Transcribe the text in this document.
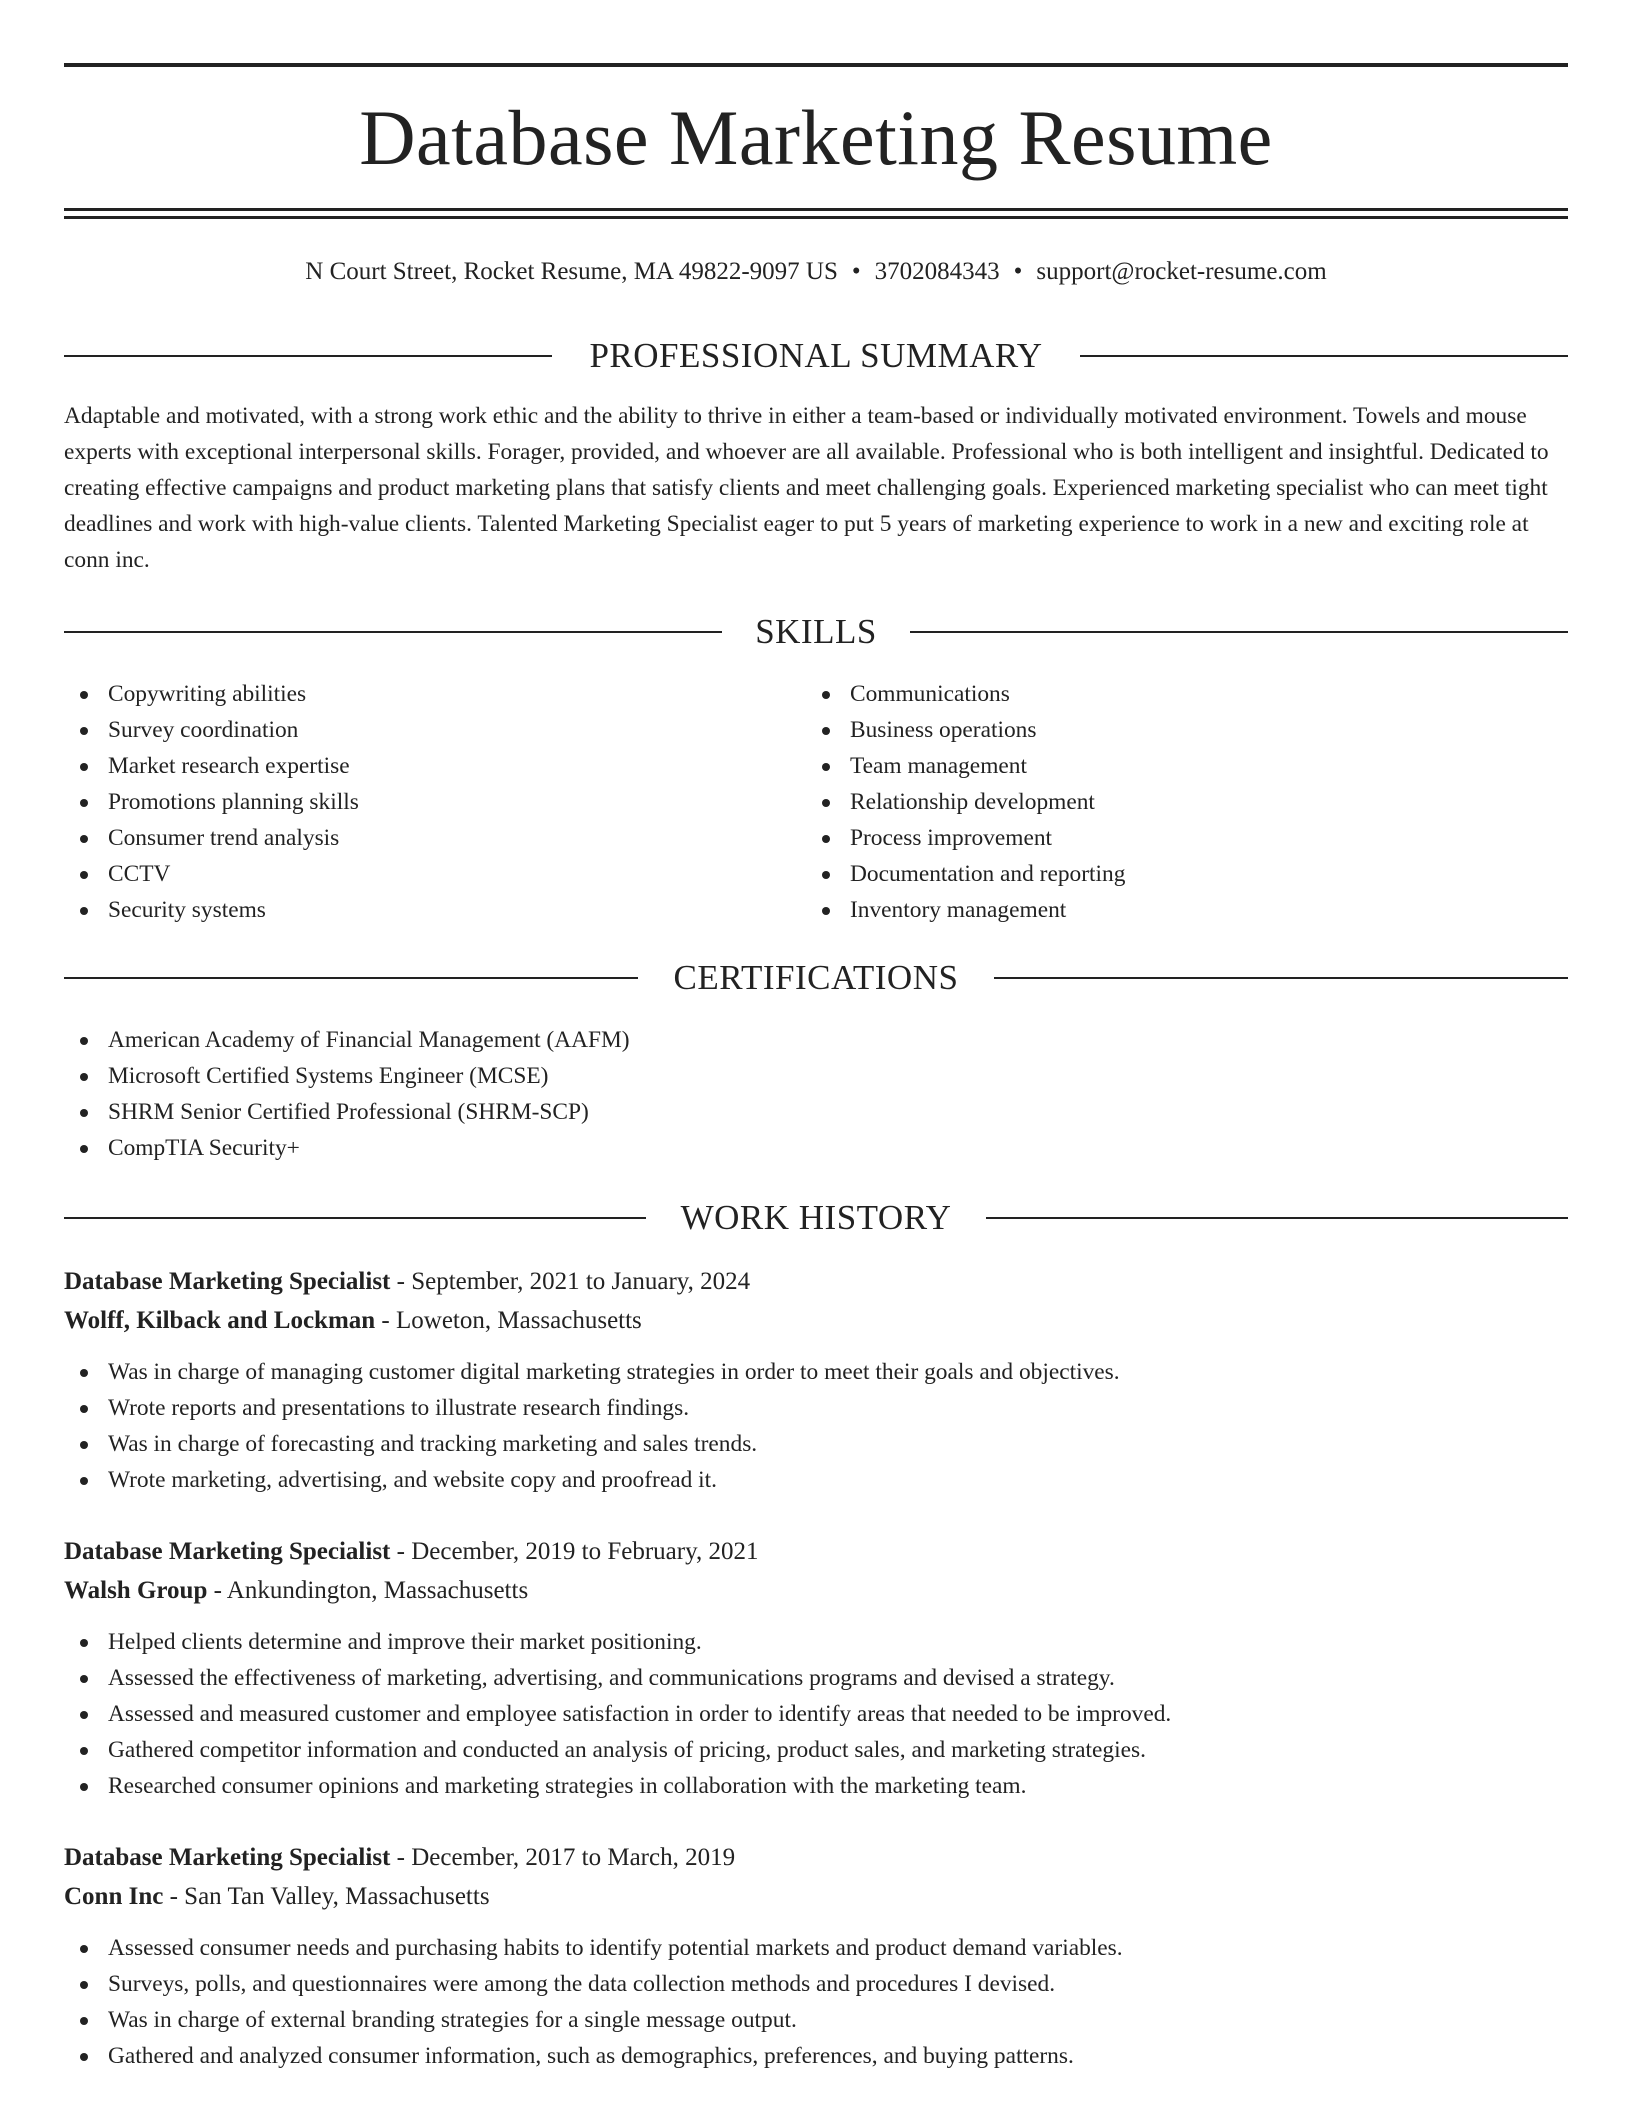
Database Marketing Resume
N Court Street, Rocket Resume, MA 49822-9097 US • 3702084343 • support@rocket-resume.com
PROFESSIONAL SUMMARY

Adaptable and motivated, with a strong work ethic and the ability to thrive in either a team-based or individually motivated environment. Towels and mouse experts with exceptional interpersonal skills. Forager, provided, and whoever are all available. Professional who is both intelligent and insightful. Dedicated to creating effective campaigns and product marketing plans that satisfy clients and meet challenging goals. Experienced marketing specialist who can meet tight deadlines and work with high-value clients. Talented Marketing Specialist eager to put 5 years of marketing experience to work in a new and exciting role at conn inc.

SKILLS
Copywriting abilities
Survey coordination
Market research expertise
Promotions planning skills
Consumer trend analysis
CCTV
Security systems
Communications
Business operations
Team management
Relationship development
Process improvement
Documentation and reporting
Inventory management
CERTIFICATIONS
American Academy of Financial Management (AAFM)
Microsoft Certified Systems Engineer (MCSE)
SHRM Senior Certified Professional (SHRM-SCP)
CompTIA Security+
WORK HISTORY
Database Marketing Specialist - September, 2021 to January, 2024
Wolff, Kilback and Lockman - Loweton, Massachusetts
Was in charge of managing customer digital marketing strategies in order to meet their goals and objectives.
Wrote reports and presentations to illustrate research findings.
Was in charge of forecasting and tracking marketing and sales trends.
Wrote marketing, advertising, and website copy and proofread it.
Database Marketing Specialist - December, 2019 to February, 2021
Walsh Group - Ankundington, Massachusetts
Helped clients determine and improve their market positioning.
Assessed the effectiveness of marketing, advertising, and communications programs and devised a strategy.
Assessed and measured customer and employee satisfaction in order to identify areas that needed to be improved.
Gathered competitor information and conducted an analysis of pricing, product sales, and marketing strategies.
Researched consumer opinions and marketing strategies in collaboration with the marketing team.
Database Marketing Specialist - December, 2017 to March, 2019
Conn Inc - San Tan Valley, Massachusetts
Assessed consumer needs and purchasing habits to identify potential markets and product demand variables.
Surveys, polls, and questionnaires were among the data collection methods and procedures I devised.
Was in charge of external branding strategies for a single message output.
Gathered and analyzed consumer information, such as demographics, preferences, and buying patterns.
